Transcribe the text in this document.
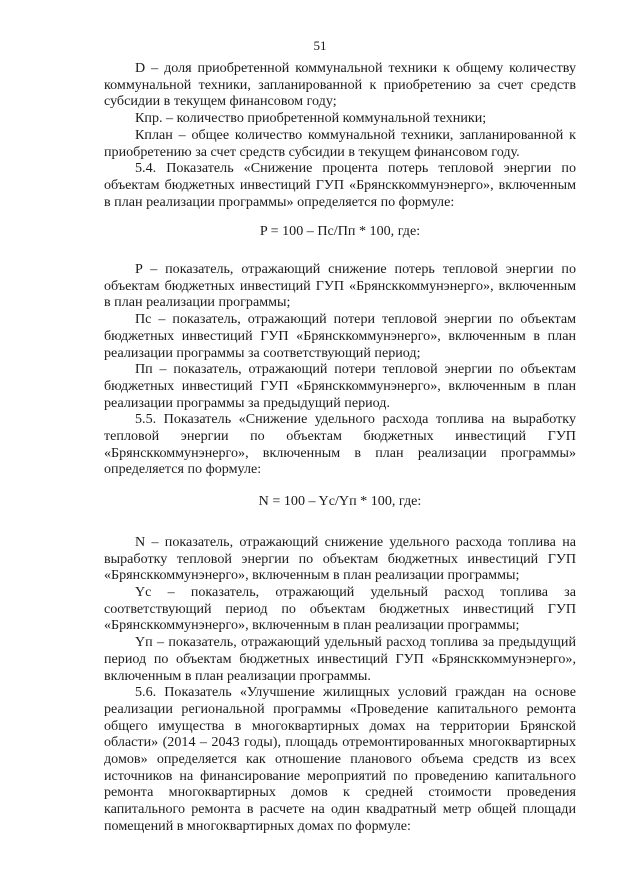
51

D – доля приобретенной коммунальной техники к общему количеству коммунальной техники, запланированной к приобретению за счет средств субсидии в текущем финансовом году;

Кпр. – количество приобретенной коммунальной техники;

Кплан – общее количество коммунальной техники, запланированной к приобретению за счет средств субсидии в текущем финансовом году.

5.4. Показатель «Снижение процента потерь тепловой энергии по объектам бюджетных инвестиций ГУП «Брянсккоммунэнерго», включенным в план реализации программы» определяется по формуле:

P = 100 – Пс/Пп * 100, где:

P – показатель, отражающий снижение потерь тепловой энергии по объектам бюджетных инвестиций ГУП «Брянсккоммунэнерго», включенным в план реализации программы;

Пс – показатель, отражающий потери тепловой энергии по объектам бюджетных инвестиций ГУП «Брянсккоммунэнерго», включенным в план реализации программы за соответствующий период;

Пп – показатель, отражающий потери тепловой энергии по объектам бюджетных инвестиций ГУП «Брянсккоммунэнерго», включенным в план реализации программы за предыдущий период.

5.5. Показатель «Снижение удельного расхода топлива на выработку тепловой энергии по объектам бюджетных инвестиций ГУП «Брянсккоммунэнерго», включенным в план реализации программы» определяется по формуле:

N = 100 – Yс/Yп * 100, где:

N – показатель, отражающий снижение удельного расхода топлива на выработку тепловой энергии по объектам бюджетных инвестиций ГУП «Брянсккоммунэнерго», включенным в план реализации программы;

Yс – показатель, отражающий удельный расход топлива за соответствующий период по объектам бюджетных инвестиций ГУП «Брянсккоммунэнерго», включенным в план реализации программы;

Yп – показатель, отражающий удельный расход топлива за предыдущий период по объектам бюджетных инвестиций ГУП «Брянсккоммунэнерго», включенным в план реализации программы.

5.6. Показатель «Улучшение жилищных условий граждан на основе реализации региональной программы «Проведение капитального ремонта общего имущества в многоквартирных домах на территории Брянской области» (2014 – 2043 годы), площадь отремонтированных многоквартирных домов» определяется как отношение планового объема средств из всех источников на финансирование мероприятий по проведению капитального ремонта многоквартирных домов к средней стоимости проведения капитального ремонта в расчете на один квадратный метр общей площади помещений в многоквартирных домах по формуле:
